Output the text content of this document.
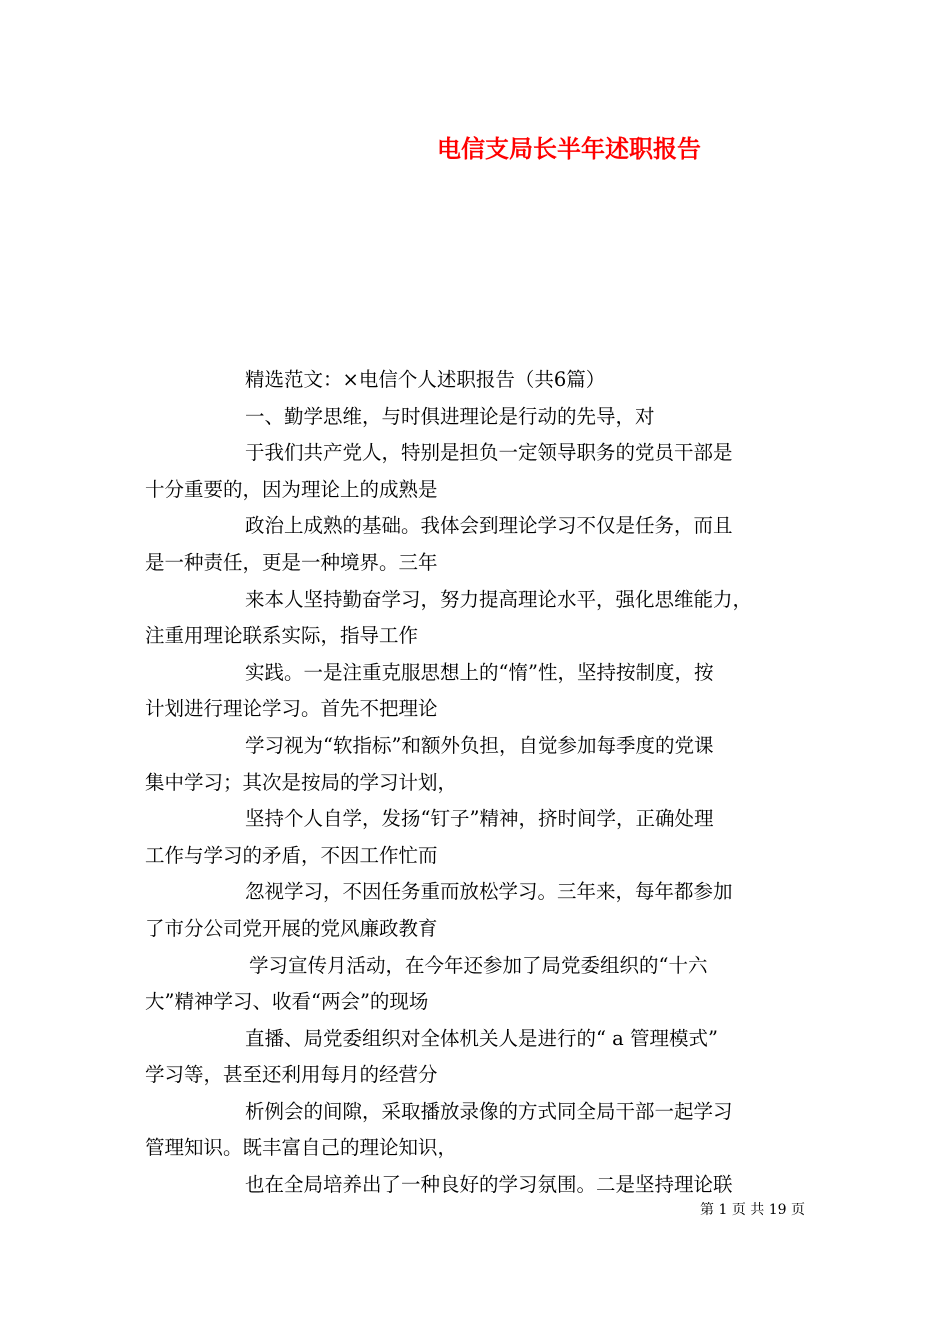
电信支局长半年述职报告

精选范文：×电信个人述职报告（共6篇）

一、勤学思维，与时俱进理论是行动的先导，对

于我们共产党人，特别是担负一定领导职务的党员干部是

十分重要的，因为理论上的成熟是

政治上成熟的基础。我体会到理论学习不仅是任务，而且

是一种责任，更是一种境界。三年

来本人坚持勤奋学习，努力提高理论水平，强化思维能力，

注重用理论联系实际，指导工作

实践。一是注重克服思想上的“惰”性，坚持按制度，按

计划进行理论学习。首先不把理论

学习视为“软指标”和额外负担，自觉参加每季度的党课

集中学习；其次是按局的学习计划，

坚持个人自学，发扬“钉子”精神，挤时间学，正确处理

工作与学习的矛盾，不因工作忙而

忽视学习，不因任务重而放松学习。三年来，每年都参加

了市分公司党开展的党风廉政教育

学习宣传月活动，在今年还参加了局党委组织的“十六

大”精神学习、收看“两会”的现场

直播、局党委组织对全体机关人是进行的“ a 管理模式”

学习等，甚至还利用每月的经营分

析例会的间隙，采取播放录像的方式同全局干部一起学习

管理知识。既丰富自己的理论知识，

也在全局培养出了一种良好的学习氛围。二是坚持理论联

第 1 页 共 19 页
